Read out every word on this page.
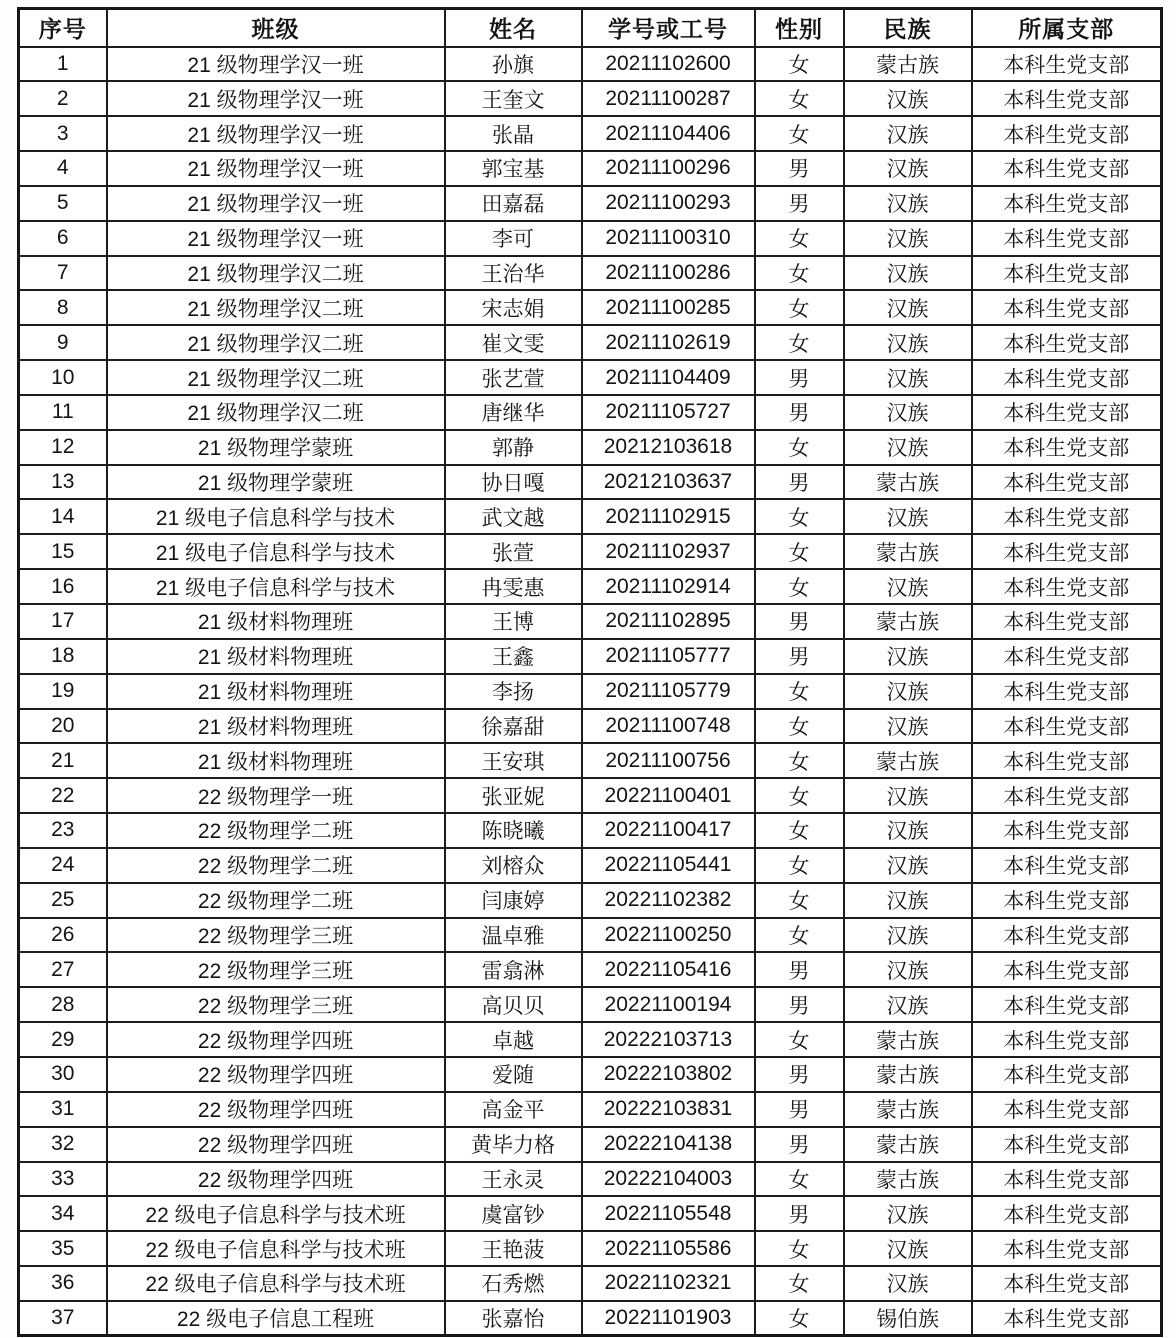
序号	班级	姓名	学号或工号	性别	民族	所属支部
1	21 级物理学汉一班	孙旗	20211102600	女	蒙古族	本科生党支部
2	21 级物理学汉一班	王奎文	20211100287	女	汉族	本科生党支部
3	21 级物理学汉一班	张晶	20211104406	女	汉族	本科生党支部
4	21 级物理学汉一班	郭宝基	20211100296	男	汉族	本科生党支部
5	21 级物理学汉一班	田嘉磊	20211100293	男	汉族	本科生党支部
6	21 级物理学汉一班	李可	20211100310	女	汉族	本科生党支部
7	21 级物理学汉二班	王治华	20211100286	女	汉族	本科生党支部
8	21 级物理学汉二班	宋志娟	20211100285	女	汉族	本科生党支部
9	21 级物理学汉二班	崔文雯	20211102619	女	汉族	本科生党支部
10	21 级物理学汉二班	张艺萱	20211104409	男	汉族	本科生党支部
11	21 级物理学汉二班	唐继华	20211105727	男	汉族	本科生党支部
12	21 级物理学蒙班	郭静	20212103618	女	汉族	本科生党支部
13	21 级物理学蒙班	协日嘎	20212103637	男	蒙古族	本科生党支部
14	21 级电子信息科学与技术	武文越	20211102915	女	汉族	本科生党支部
15	21 级电子信息科学与技术	张萱	20211102937	女	蒙古族	本科生党支部
16	21 级电子信息科学与技术	冉雯惠	20211102914	女	汉族	本科生党支部
17	21 级材料物理班	王博	20211102895	男	蒙古族	本科生党支部
18	21 级材料物理班	王鑫	20211105777	男	汉族	本科生党支部
19	21 级材料物理班	李扬	20211105779	女	汉族	本科生党支部
20	21 级材料物理班	徐嘉甜	20211100748	女	汉族	本科生党支部
21	21 级材料物理班	王安琪	20211100756	女	蒙古族	本科生党支部
22	22 级物理学一班	张亚妮	20221100401	女	汉族	本科生党支部
23	22 级物理学二班	陈晓曦	20221100417	女	汉族	本科生党支部
24	22 级物理学二班	刘榕众	20221105441	女	汉族	本科生党支部
25	22 级物理学二班	闫康婷	20221102382	女	汉族	本科生党支部
26	22 级物理学三班	温卓雅	20221100250	女	汉族	本科生党支部
27	22 级物理学三班	雷翕淋	20221105416	男	汉族	本科生党支部
28	22 级物理学三班	高贝贝	20221100194	男	汉族	本科生党支部
29	22 级物理学四班	卓越	20222103713	女	蒙古族	本科生党支部
30	22 级物理学四班	爱随	20222103802	男	蒙古族	本科生党支部
31	22 级物理学四班	高金平	20222103831	男	蒙古族	本科生党支部
32	22 级物理学四班	黄毕力格	20222104138	男	蒙古族	本科生党支部
33	22 级物理学四班	王永灵	20222104003	女	蒙古族	本科生党支部
34	22 级电子信息科学与技术班	虞富钞	20221105548	男	汉族	本科生党支部
35	22 级电子信息科学与技术班	王艳菠	20221105586	女	汉族	本科生党支部
36	22 级电子信息科学与技术班	石秀燃	20221102321	女	汉族	本科生党支部
37	22 级电子信息工程班	张嘉怡	20221101903	女	锡伯族	本科生党支部
